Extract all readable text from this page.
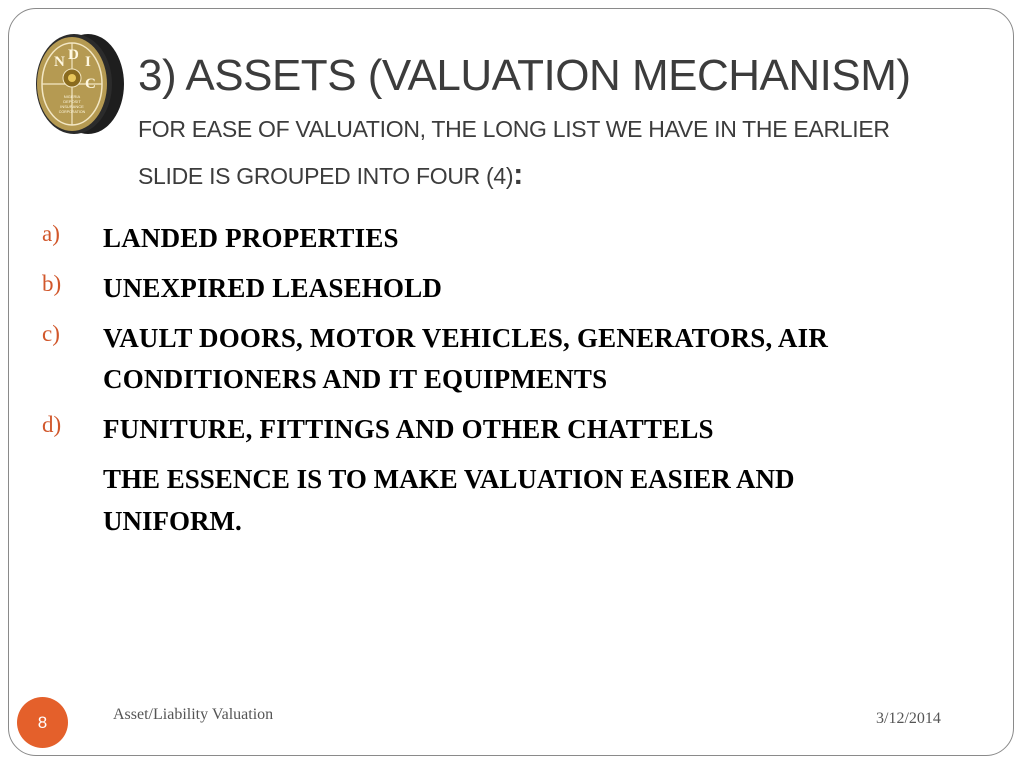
N D I
C
NIGERIA
DEPOSIT
INSURANCE
CORPORATION
3) ASSETS (VALUATION MECHANISM)

FOR EASE OF VALUATION, THE LONG LIST WE HAVE IN THE EARLIER SLIDE IS GROUPED INTO FOUR (4):

a) LANDED PROPERTIES
b) UNEXPIRED LEASEHOLD
c) VAULT DOORS, MOTOR VEHICLES, GENERATORS, AIR CONDITIONERS AND IT EQUIPMENTS
d) FUNITURE, FITTINGS AND OTHER CHATTELS

THE ESSENCE IS TO MAKE VALUATION EASIER AND UNIFORM.

8	Asset/Liability Valuation	3/12/2014
